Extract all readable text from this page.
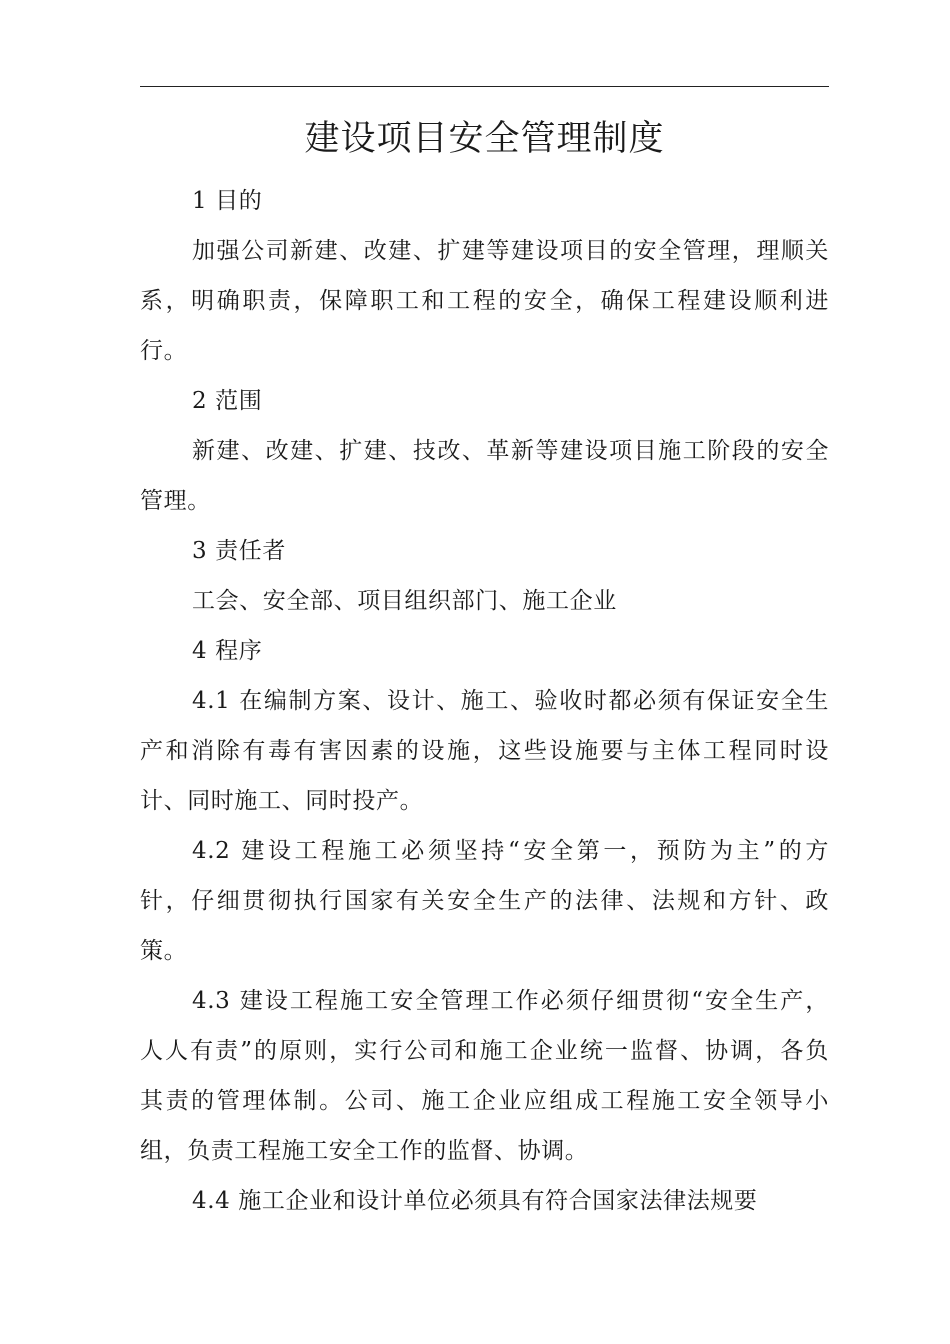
建设项目安全管理制度

1 目的

加强公司新建、改建、扩建等建设项目的安全管理，理顺关
系，明确职责，保障职工和工程的安全，确保工程建设顺利进
行。

2 范围

新建、改建、扩建、技改、革新等建设项目施工阶段的安全
管理。

3 责任者

工会、安全部、项目组织部门、施工企业

4 程序

4.1 在编制方案、设计、施工、验收时都必须有保证安全生
产和消除有毒有害因素的设施，这些设施要与主体工程同时设
计、同时施工、同时投产。
4.2 建设工程施工必须坚持“安全第一，预防为主”的方
针，仔细贯彻执行国家有关安全生产的法律、法规和方针、政
策。
4.3 建设工程施工安全管理工作必须仔细贯彻“安全生产，
人人有责”的原则，实行公司和施工企业统一监督、协调，各负
其责的管理体制。公司、施工企业应组成工程施工安全领导小
组，负责工程施工安全工作的监督、协调。
4.4 施工企业和设计单位必须具有符合国家法律法规要
